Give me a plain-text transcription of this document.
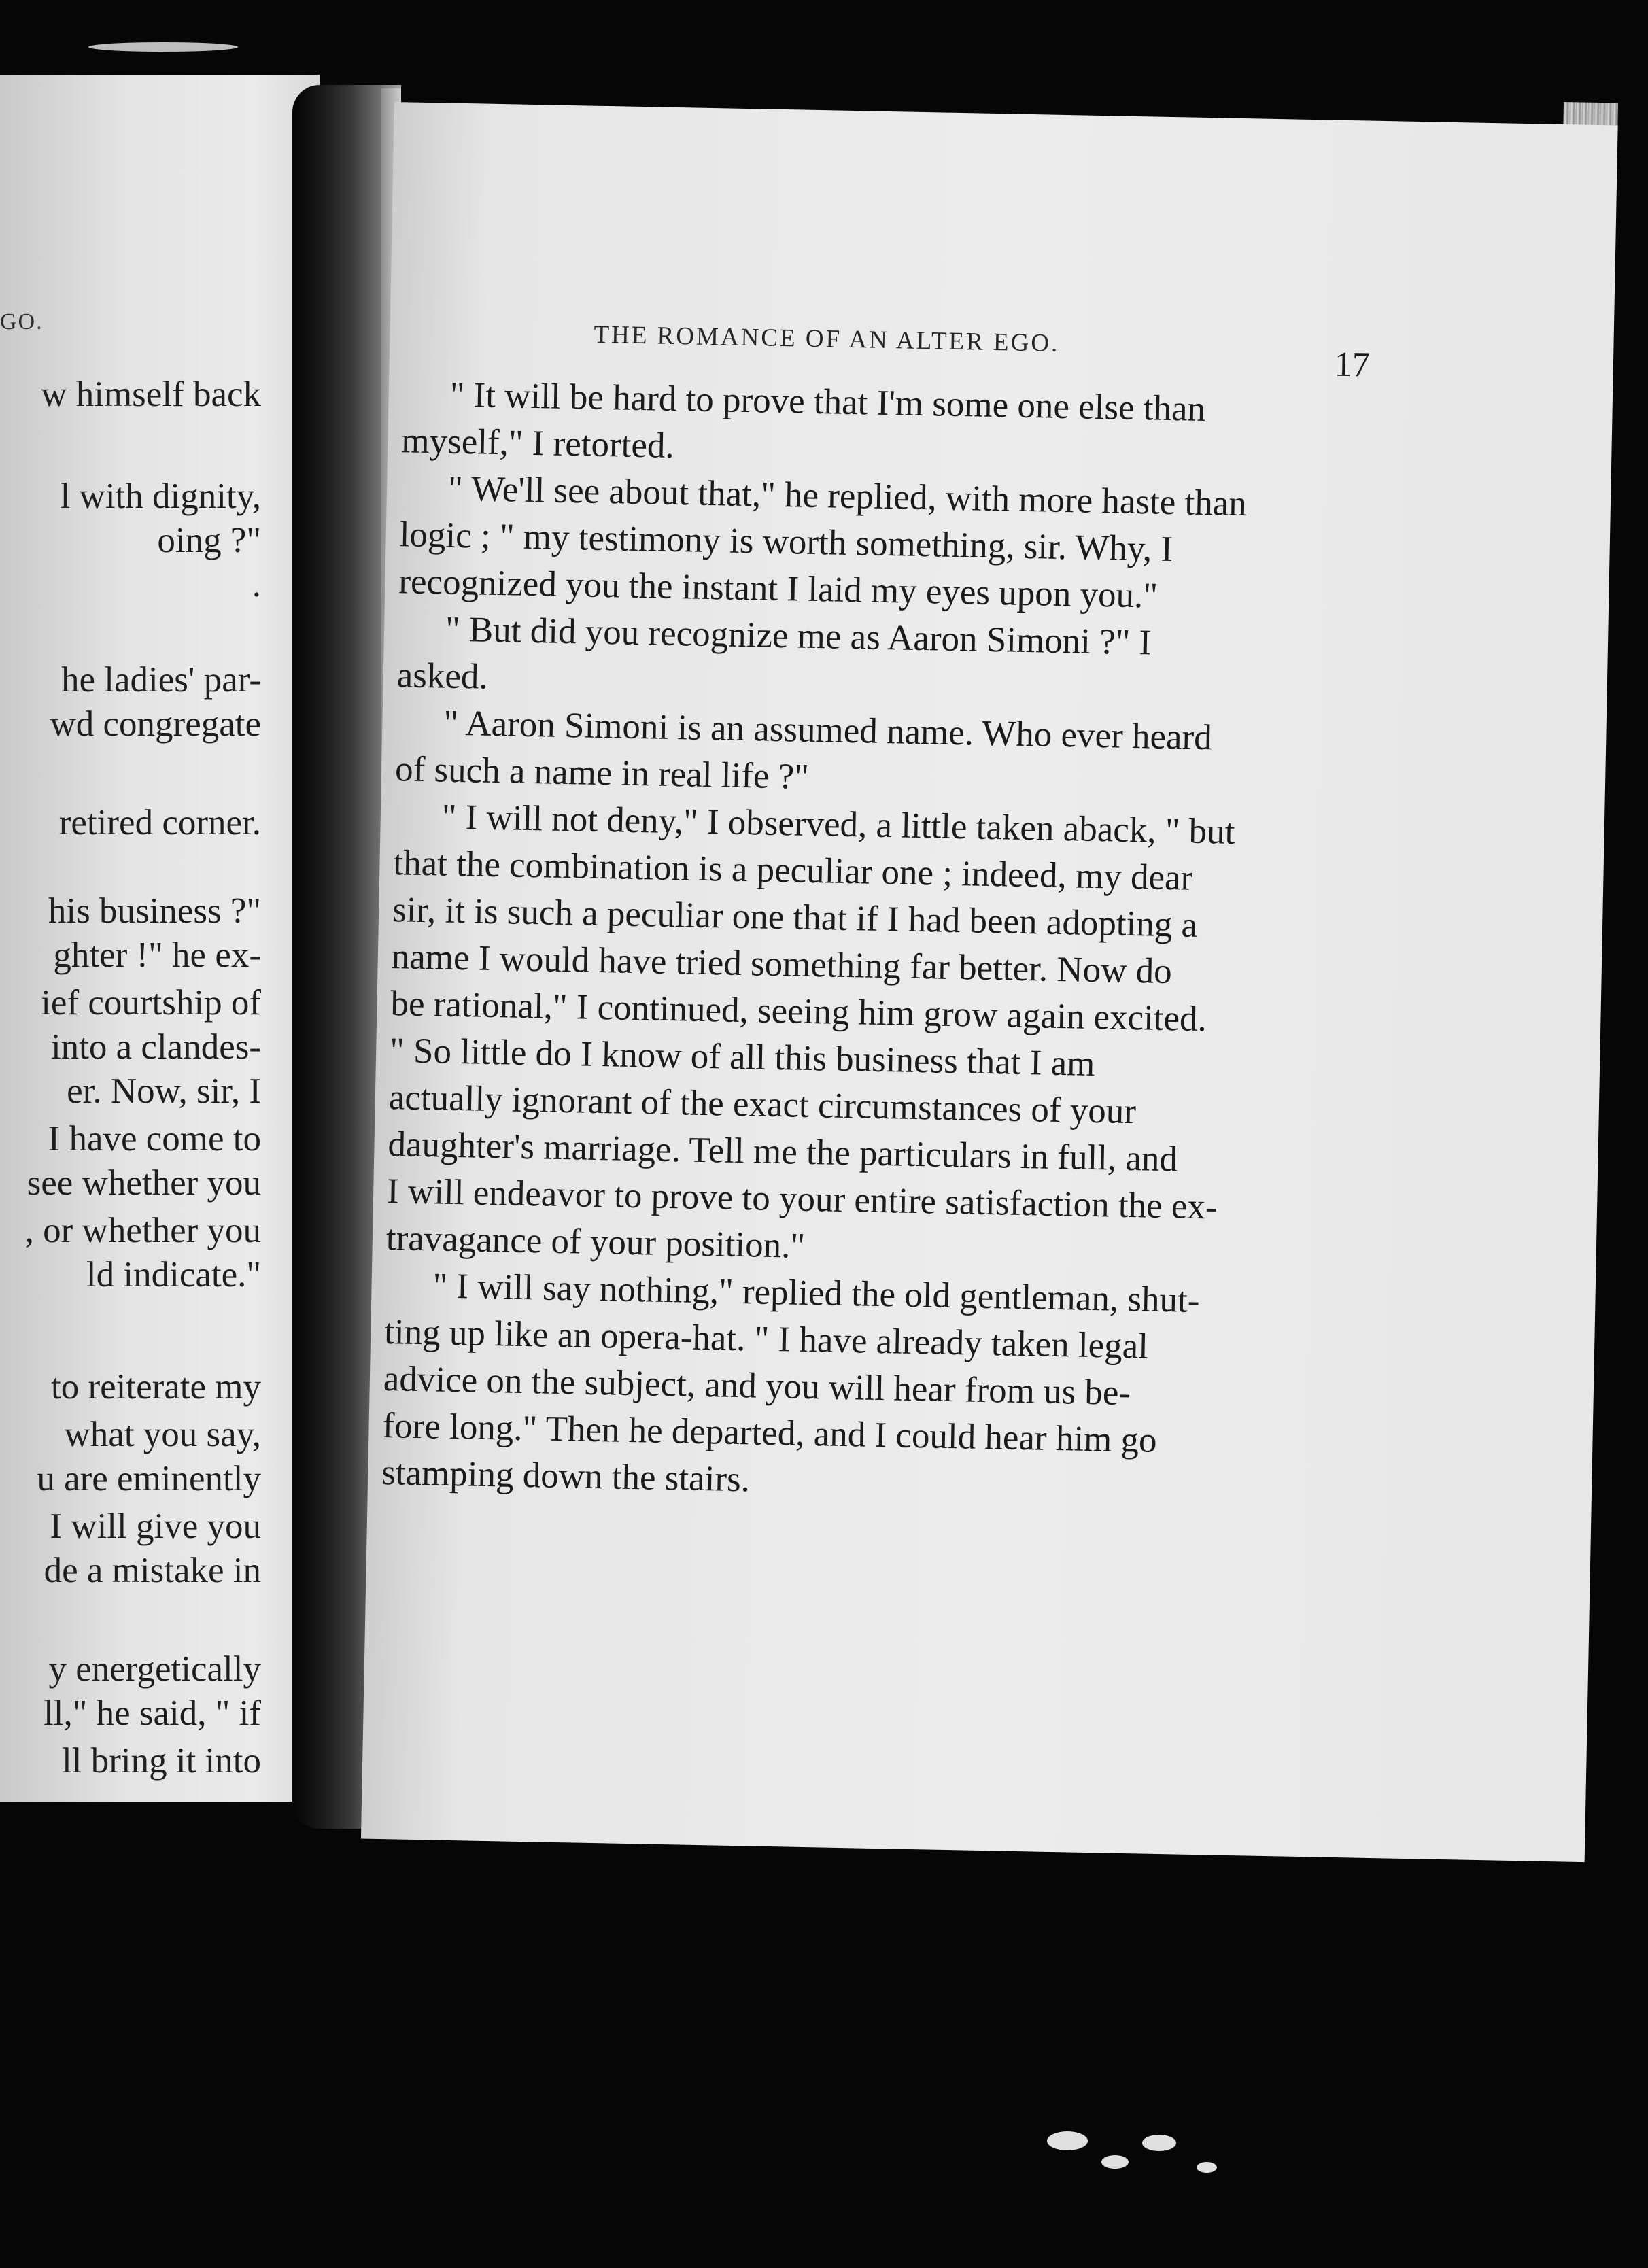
GO.
w himself back
l with dignity,
oing ?"
.
he ladies' par-
wd congregate
retired corner.
his business ?"
ghter !" he ex-
ief courtship of
into a clandes-
er. Now, sir, I
I have come to
see whether you
, or whether you
ld indicate."
to reiterate my
what you say,
u are eminently
I will give you
de a mistake in
y energetically
ll," he said, " if
ll bring it into
THE ROMANCE OF AN ALTER EGO.
17
" It will be hard to prove that I'm some one else than
myself," I retorted.
" We'll see about that," he replied, with more haste than
logic ; " my testimony is worth something, sir. Why, I
recognized you the instant I laid my eyes upon you."
" But did you recognize me as Aaron Simoni ?" I
asked.
" Aaron Simoni is an assumed name. Who ever heard
of such a name in real life ?"
" I will not deny," I observed, a little taken aback, " but
that the combination is a peculiar one ; indeed, my dear
sir, it is such a peculiar one that if I had been adopting a
name I would have tried something far better. Now do
be rational," I continued, seeing him grow again excited.
" So little do I know of all this business that I am
actually ignorant of the exact circumstances of your
daughter's marriage. Tell me the particulars in full, and
I will endeavor to prove to your entire satisfaction the ex-
travagance of your position."
" I will say nothing," replied the old gentleman, shut-
ting up like an opera-hat. " I have already taken legal
advice on the subject, and you will hear from us be-
fore long." Then he departed, and I could hear him go
stamping down the stairs.
